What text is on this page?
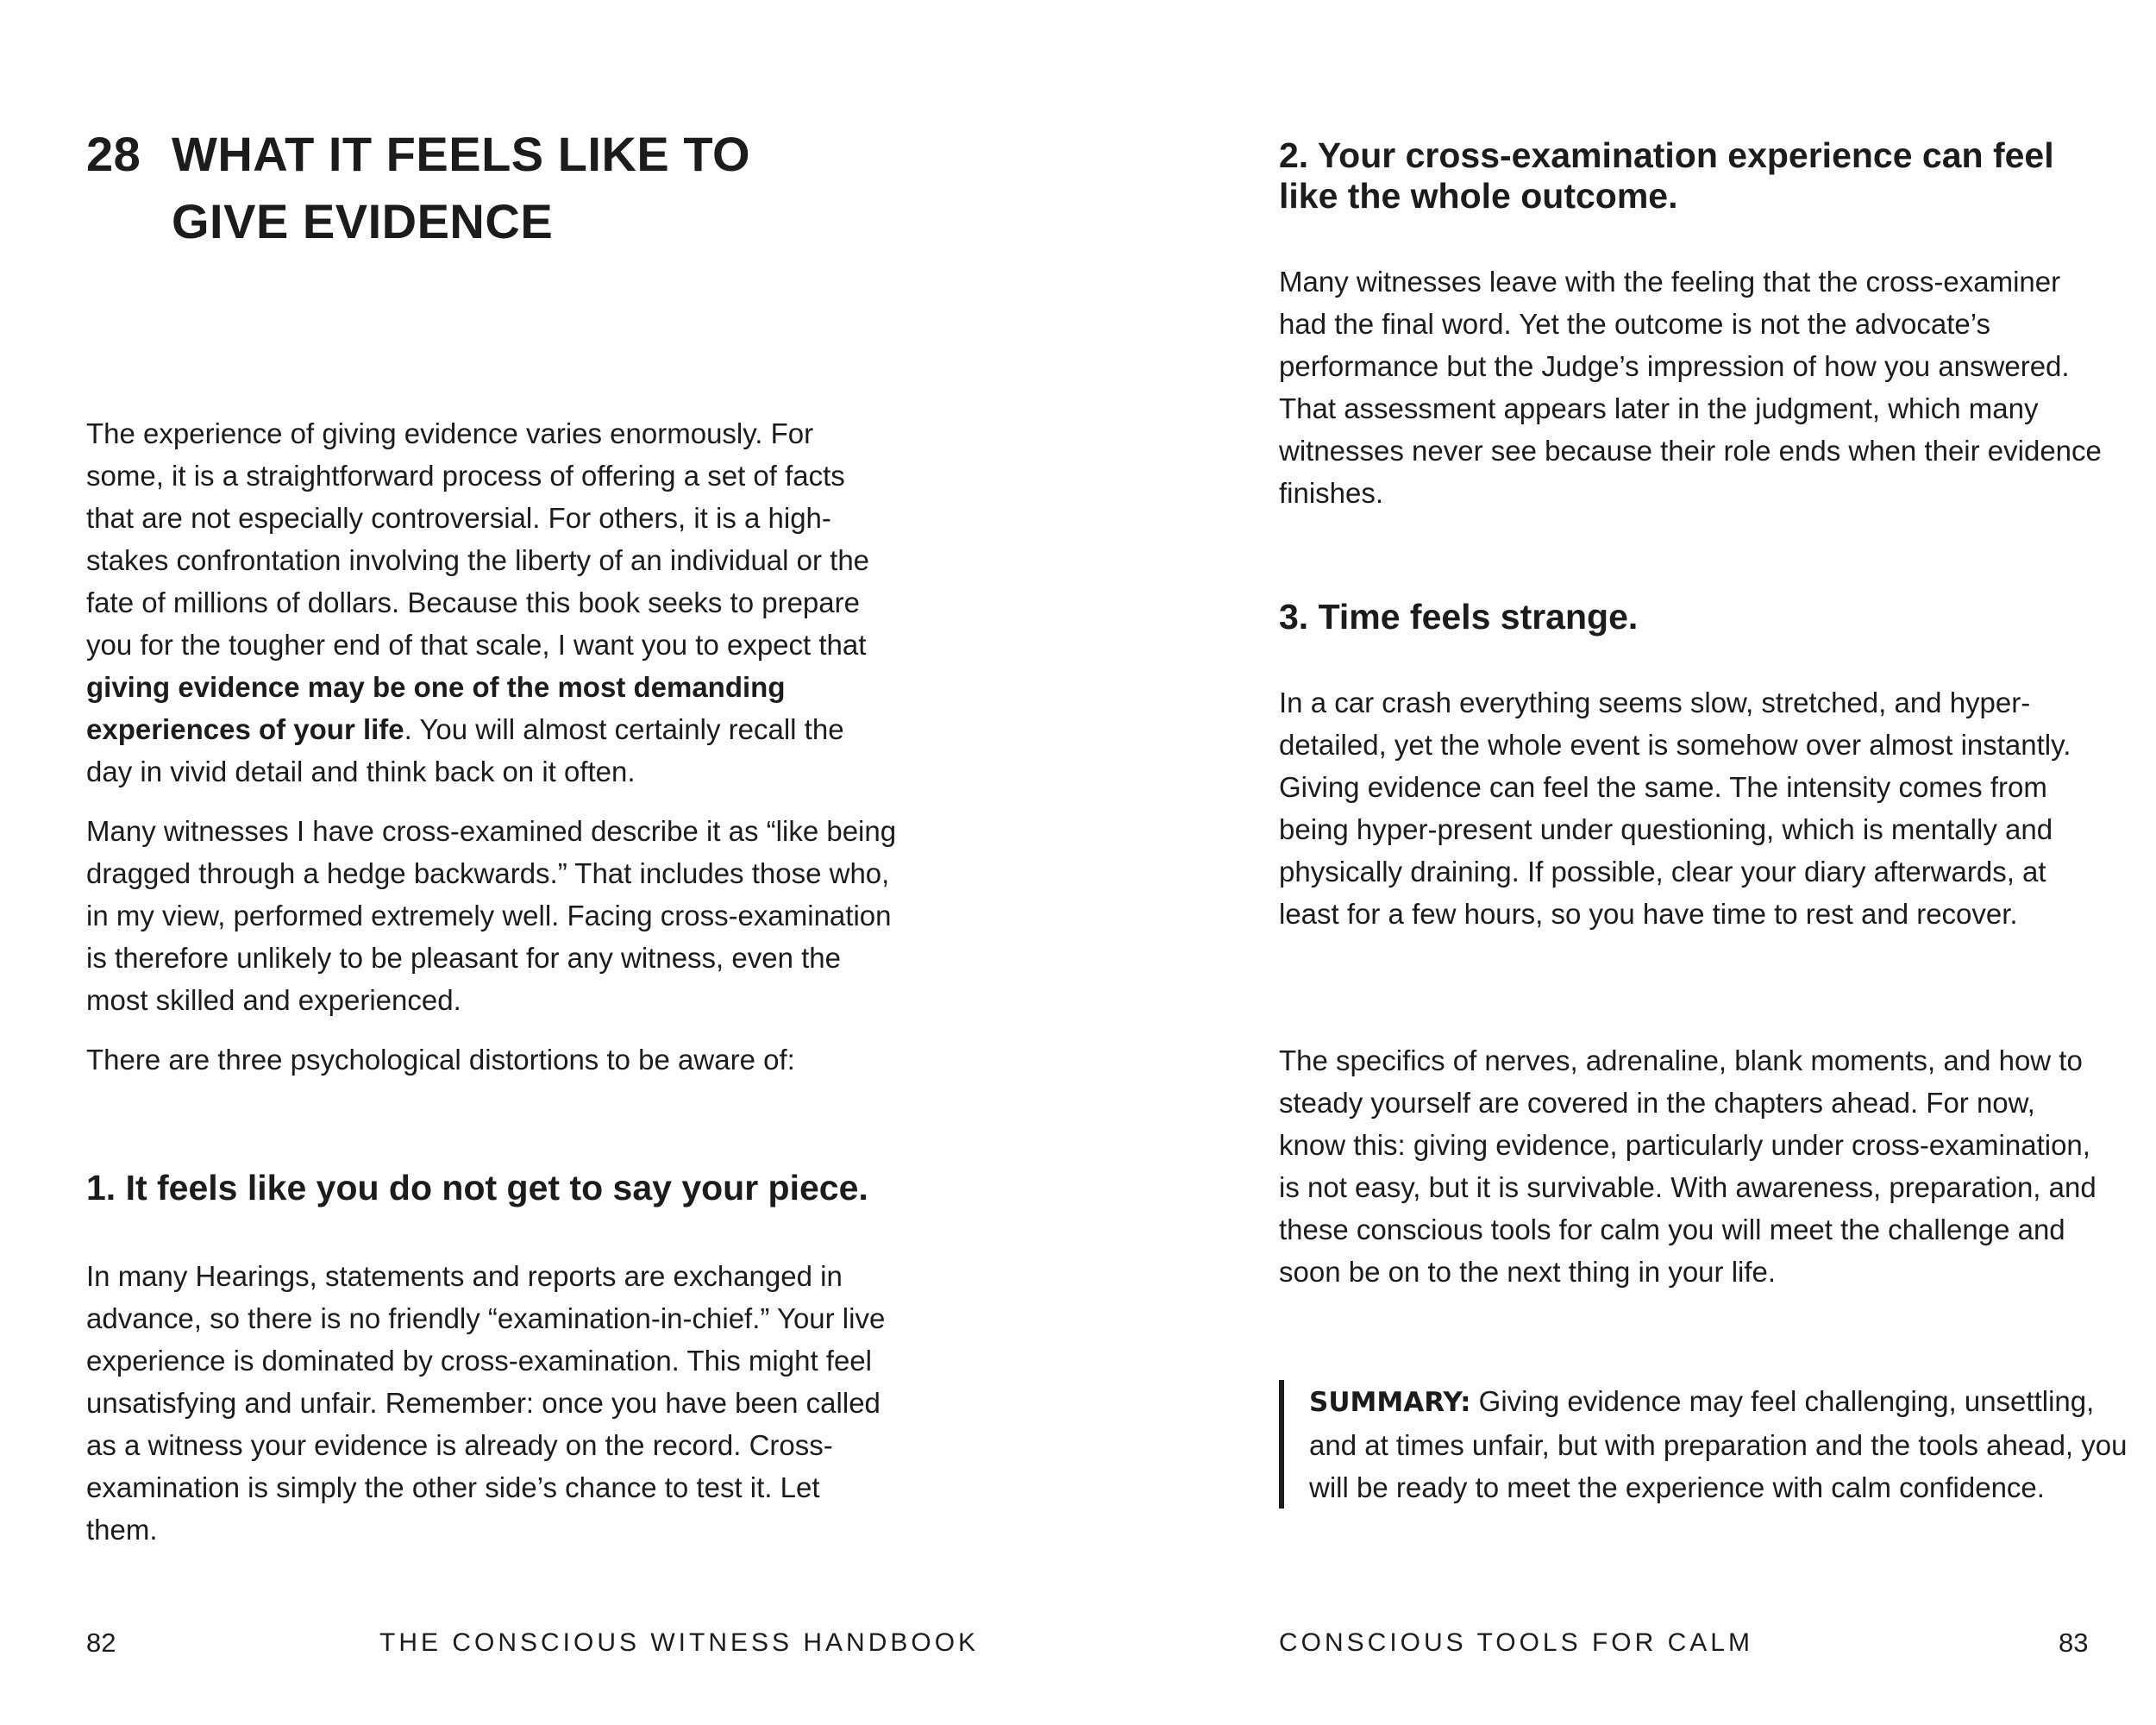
28 WHAT IT FEELS LIKE TO GIVE EVIDENCE

The experience of giving evidence varies enormously. For some, it is a straightforward process of offering a set of facts that are not especially controversial. For others, it is a high-stakes confrontation involving the liberty of an individual or the fate of millions of dollars. Because this book seeks to prepare you for the tougher end of that scale, I want you to expect that giving evidence may be one of the most demanding experiences of your life. You will almost certainly recall the day in vivid detail and think back on it often.

Many witnesses I have cross-examined describe it as “like being dragged through a hedge backwards.” That includes those who, in my view, performed extremely well. Facing cross-examination is therefore unlikely to be pleasant for any witness, even the most skilled and experienced.

There are three psychological distortions to be aware of:

1. It feels like you do not get to say your piece.

In many Hearings, statements and reports are exchanged in advance, so there is no friendly “examination-in-chief.” Your live experience is dominated by cross-examination. This might feel unsatisfying and unfair. Remember: once you have been called as a witness your evidence is already on the record. Cross-examination is simply the other side’s chance to test it. Let them.

82	THE CONSCIOUS WITNESS HANDBOOK
2. Your cross-examination experience can feel like the whole outcome.

Many witnesses leave with the feeling that the cross-examiner had the final word. Yet the outcome is not the advocate’s performance but the Judge’s impression of how you answered. That assessment appears later in the judgment, which many witnesses never see because their role ends when their evidence finishes.

3. Time feels strange.

In a car crash everything seems slow, stretched, and hyper-detailed, yet the whole event is somehow over almost instantly. Giving evidence can feel the same. The intensity comes from being hyper-present under questioning, which is mentally and physically draining. If possible, clear your diary afterwards, at least for a few hours, so you have time to rest and recover.

The specifics of nerves, adrenaline, blank moments, and how to steady yourself are covered in the chapters ahead. For now, know this: giving evidence, particularly under cross-examination, is not easy, but it is survivable. With awareness, preparation, and these conscious tools for calm you will meet the challenge and soon be on to the next thing in your life.

SUMMARY: Giving evidence may feel challenging, unsettling, and at times unfair, but with preparation and the tools ahead, you will be ready to meet the experience with calm confidence.
CONSCIOUS TOOLS FOR CALM	83
